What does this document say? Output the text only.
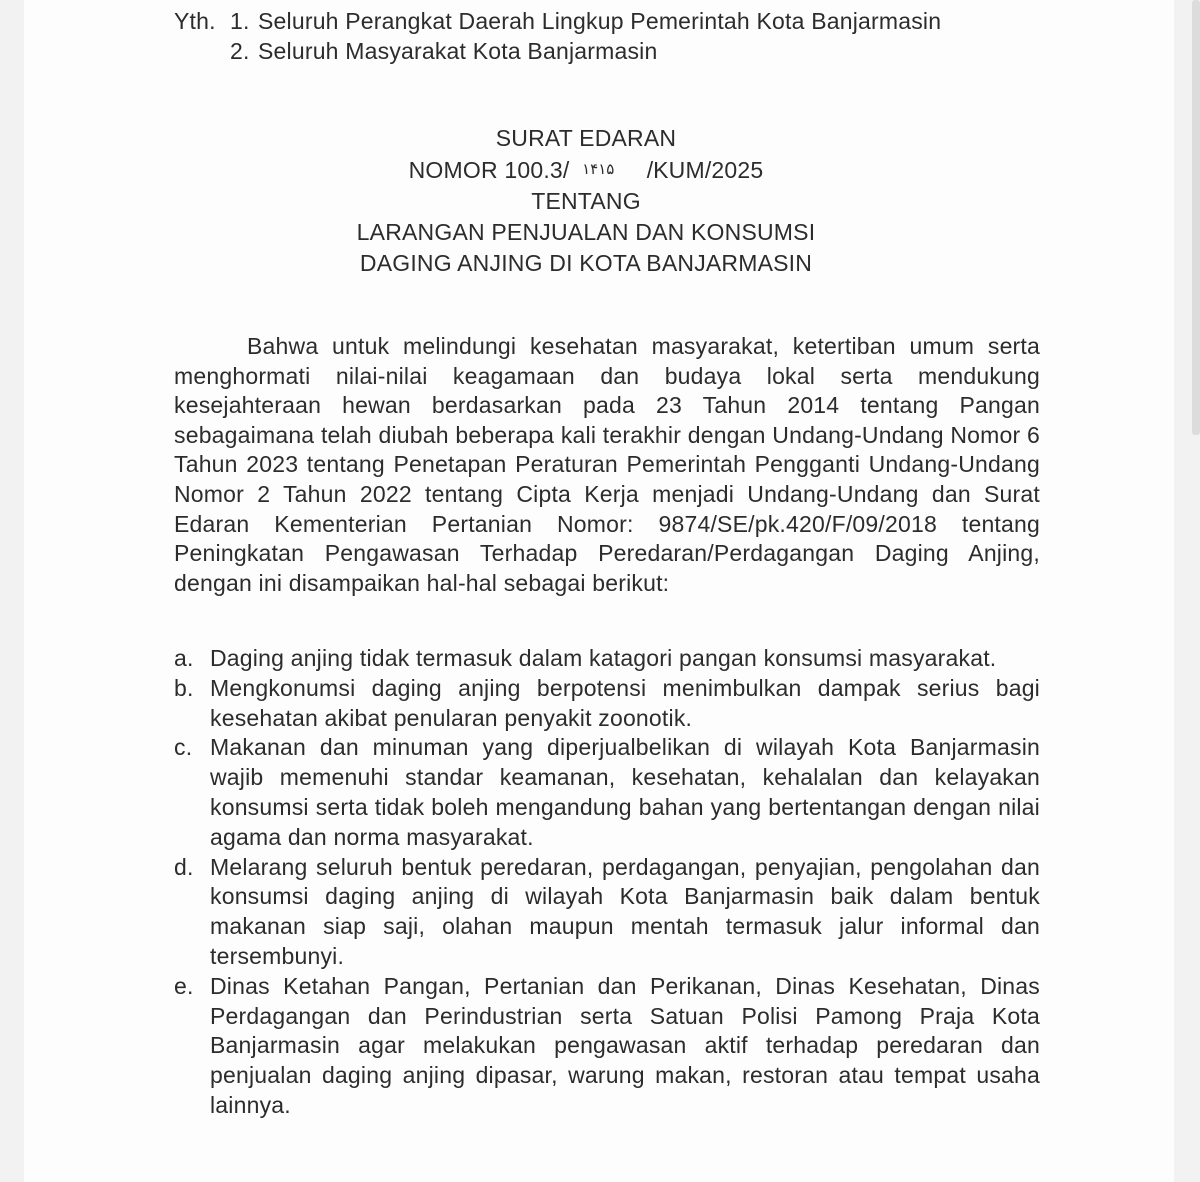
Yth. 1. Seluruh Perangkat Daerah Lingkup Pemerintah Kota Banjarmasin
2. Seluruh Masyarakat Kota Banjarmasin
SURAT EDARAN
NOMOR 100.3/ ۱۴۱۵ /KUM/2025
TENTANG
LARANGAN PENJUALAN DAN KONSUMSI
DAGING ANJING DI KOTA BANJARMASIN

Bahwa untuk melindungi kesehatan masyarakat, ketertiban umum serta menghormati nilai-nilai keagamaan dan budaya lokal serta mendukung kesejahteraan hewan berdasarkan pada 23 Tahun 2014 tentang Pangan sebagaimana telah diubah beberapa kali terakhir dengan Undang-Undang Nomor 6 Tahun 2023 tentang Penetapan Peraturan Pemerintah Pengganti Undang-Undang Nomor 2 Tahun 2022 tentang Cipta Kerja menjadi Undang-Undang dan Surat Edaran Kementerian Pertanian Nomor: 9874/SE/pk.420/F/09/2018 tentang Peningkatan Pengawasan Terhadap Peredaran/Perdagangan Daging Anjing, dengan ini disampaikan hal-hal sebagai berikut:

a. Daging anjing tidak termasuk dalam katagori pangan konsumsi masyarakat.
b. Mengkonumsi daging anjing berpotensi menimbulkan dampak serius bagi kesehatan akibat penularan penyakit zoonotik.
c. Makanan dan minuman yang diperjualbelikan di wilayah Kota Banjarmasin wajib memenuhi standar keamanan, kesehatan, kehalalan dan kelayakan konsumsi serta tidak boleh mengandung bahan yang bertentangan dengan nilai agama dan norma masyarakat.
d. Melarang seluruh bentuk peredaran, perdagangan, penyajian, pengolahan dan konsumsi daging anjing di wilayah Kota Banjarmasin baik dalam bentuk makanan siap saji, olahan maupun mentah termasuk jalur informal dan tersembunyi.
e. Dinas Ketahan Pangan, Pertanian dan Perikanan, Dinas Kesehatan, Dinas Perdagangan dan Perindustrian serta Satuan Polisi Pamong Praja Kota Banjarmasin agar melakukan pengawasan aktif terhadap peredaran dan penjualan daging anjing dipasar, warung makan, restoran atau tempat usaha lainnya.
